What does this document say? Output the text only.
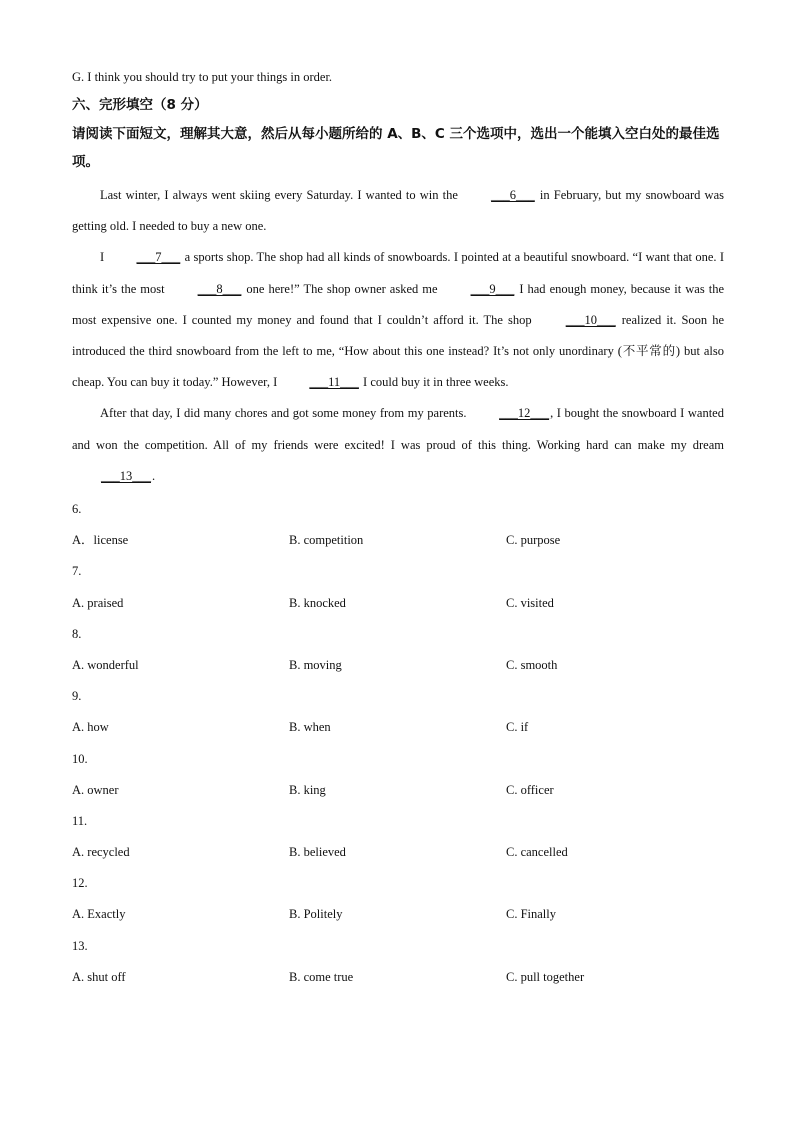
G. I think you should try to put your things in order.
六、完形填空（8 分）
请阅读下面短文，理解其大意，然后从每小题所给的 A、B、C 三个选项中，选出一个能填入空白处的最佳选项。

Last winter, I always went skiing every Saturday. I wanted to win the ___6___ in February, but my snowboard was getting old. I needed to buy a new one.

I ___7___ a sports shop. The shop had all kinds of snowboards. I pointed at a beautiful snowboard. “I want that one. I think it’s the most ___8___ one here!” The shop owner asked me ___9___ I had enough money, because it was the most expensive one. I counted my money and found that I couldn’t afford it. The shop ___10___ realized it. Soon he introduced the third snowboard from the left to me, “How about this one instead? It’s not only unordinary (不平常的) but also cheap. You can buy it today.” However, I ___11___ I could buy it in three weeks.

After that day, I did many chores and got some money from my parents. ___12___, I bought the snowboard I wanted and won the competition. All of my friends were excited! I was proud of this thing. Working hard can make my dream ___13___.

6.
A．license	B. competition	C. purpose
7.
A. praised	B. knocked	C. visited
8.
A. wonderful	B. moving	C. smooth
9.
A. how	B. when	C. if
10.
A. owner	B. king	C. officer
11.
A. recycled	B. believed	C. cancelled
12.
A. Exactly	B. Politely	C. Finally
13.
A. shut off	B. come true	C. pull together
